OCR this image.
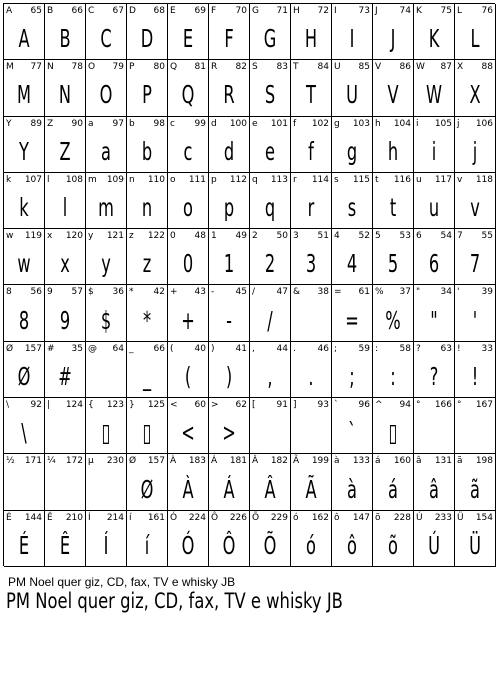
A 65
A
B 66
B
C 67
C
D 68
D
E 69
E
F 70
F
G 71
G
H 72
H
I 73
I
J 74
J
K 75
K
L 76
L
M 77
M
N 78
N
O 79
O
P 80
P
Q 81
Q
R 82
R
S 83
S
T 84
T
U 85
U
V 86
V
W 87
W
X 88
X
Y 89
Y
Z 90
Z
a 97
a
b 98
b
c 99
c
d 100
d
e 101
e
f 102
f
g 103
g
h 104
h
i 105
i
j 106
j
k 107
k
l 108
l
m 109
m
n 110
n
o 111
o
p 112
p
q 113
q
r 114
r
s 115
s
t 116
t
u 117
u
v 118
v
w 119
w
x 120
x
y 121
y
z 122
z
0 48
0
1 49
1
2 50
2
3 51
3
4 52
4
5 53
5
6 54
6
7 55
7
8 56
8
9 57
9
$ 36
$
* 42
*
+ 43
+
- 45
-
/ 47
/
& 38 = 61
=
% 37
%
" 34
"
' 39
'
Ø 157
Ø
# 35
#
@ 64 _ 66
_
( 40
(
) 41
)
, 44
,
. 46
.
; 59
;
: 58
:
? 63
?
! 33
!
\ 92
\
| 124 { 123
▯
} 125
▯
< 60
<
> 62
>
[ 91 ] 93 ` 96
`
^ 94
▯
° 166 ° 167
½ 171 ¼ 172 µ 230 Ø 157
Ø
À 183
À
Á 181
Á
Â 182
Â
Ã 199
Ã
à 133
à
á 160
á
â 131
â
ã 198
ã
É 144
É
Ê 210
Ê
Í 214
Í
í 161
í
Ó 224
Ó
Ô 226
Ô
Õ 229
Õ
ó 162
ó
ô 147
ô
õ 228
õ
Ú 233
Ú
Ü 154
Ü
PM Noel quer giz, CD, fax, TV e whisky JB
PM Noel quer giz, CD, fax, TV e whisky JB
